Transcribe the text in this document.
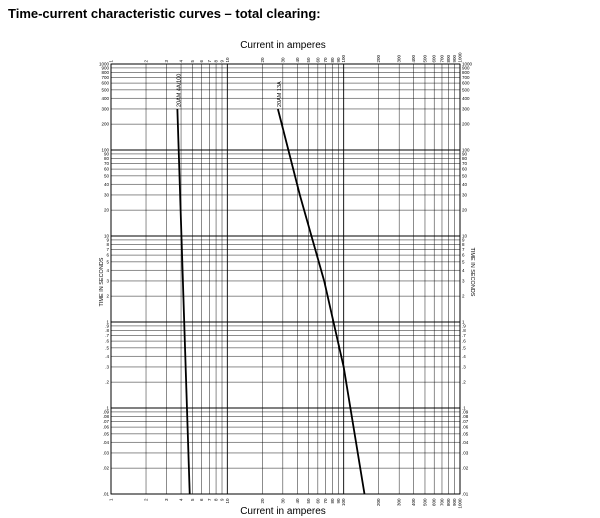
Time-current characteristic curves – total clearing:
1	2	3 4 5 6 7 8 9 10	20	30 40 50 60 70 80 90 100	200	300 400 500 600 700 800 900 1000
1	2	3 4 5 6 7 8 9 10	20	30 40 50 60 70 80 90 100	200	300 400 500 600 700 800 900 1000
.01
.02
.03
.04
.05
.06
.07
.08
.09
.1
.2
.3
.4
.5
.6
.7
.8
.9
1
2
3
4
5
6
7
8
9
10
20
30
40
50
60
70
80
90
100
200
300
400
500
600
700
800
900
1000	1000
900
800
700
600
500
400
300
200
100
90
80
70
60
50
40
30
20
10
9
8
7
6
5
4
3
2
1
.9
.8
.7
.6
.5
.4
.3
.2
.1
.09
.08
.07
.06
.05
.04
.03
.02
.01
20AM 4A/100	20AM 13A
Current in amperes
Current in amperes
TIME IN SECONDS	TIME IN SECONDS
